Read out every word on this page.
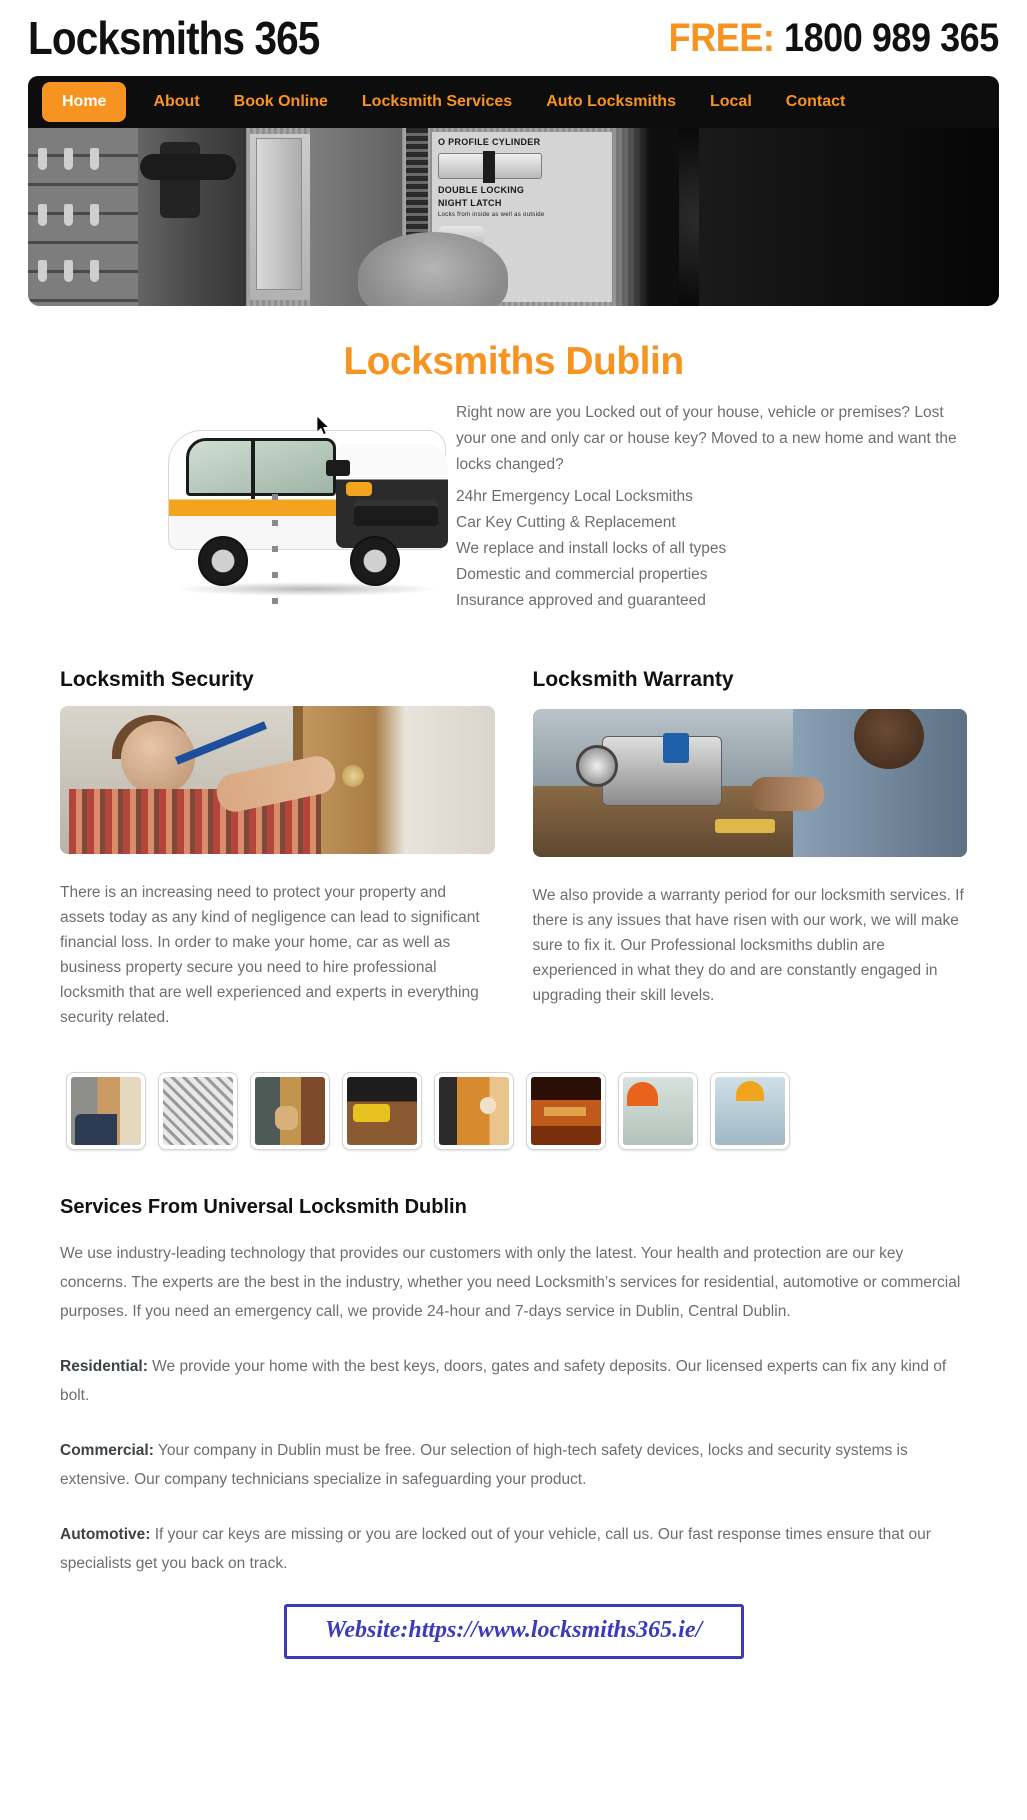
Locksmiths 365	FREE: 1800 989 365
Home	About	Book Online	Locksmith Services	Auto Locksmiths	Local	Contact
O PROFILE CYLINDER
DOUBLE LOCKING
NIGHT LATCH
Locks from inside as well as outside
Locksmiths Dublin
Right now are you Locked out of your house, vehicle or premises? Lost your one and only car or house key? Moved to a new home and want the locks changed?
24hr Emergency Local Locksmiths
Car Key Cutting & Replacement
We replace and install locks of all types
Domestic and commercial properties
Insurance approved and guaranteed
Locksmith Security
There is an increasing need to protect your property and assets today as any kind of negligence can lead to significant financial loss. In order to make your home, car as well as business property secure you need to hire professional locksmith that are well experienced and experts in everything security related.
Locksmith Warranty
We also provide a warranty period for our locksmith services. If there is any issues that have risen with our work, we will make sure to fix it. Our Professional locksmiths dublin are experienced in what they do and are constantly engaged in upgrading their skill levels.
Services From Universal Locksmith Dublin

We use industry-leading technology that provides our customers with only the latest. Your health and protection are our key concerns. The experts are the best in the industry, whether you need Locksmith’s services for residential, automotive or commercial purposes. If you need an emergency call, we provide 24-hour and 7-days service in Dublin, Central Dublin.

Residential: We provide your home with the best keys, doors, gates and safety deposits. Our licensed experts can fix any kind of bolt.

Commercial: Your company in Dublin must be free. Our selection of high-tech safety devices, locks and security systems is extensive. Our company technicians specialize in safeguarding your product.

Automotive: If your car keys are missing or you are locked out of your vehicle, call us. Our fast response times ensure that our specialists get you back on track.

Website:https://www.locksmiths365.ie/
